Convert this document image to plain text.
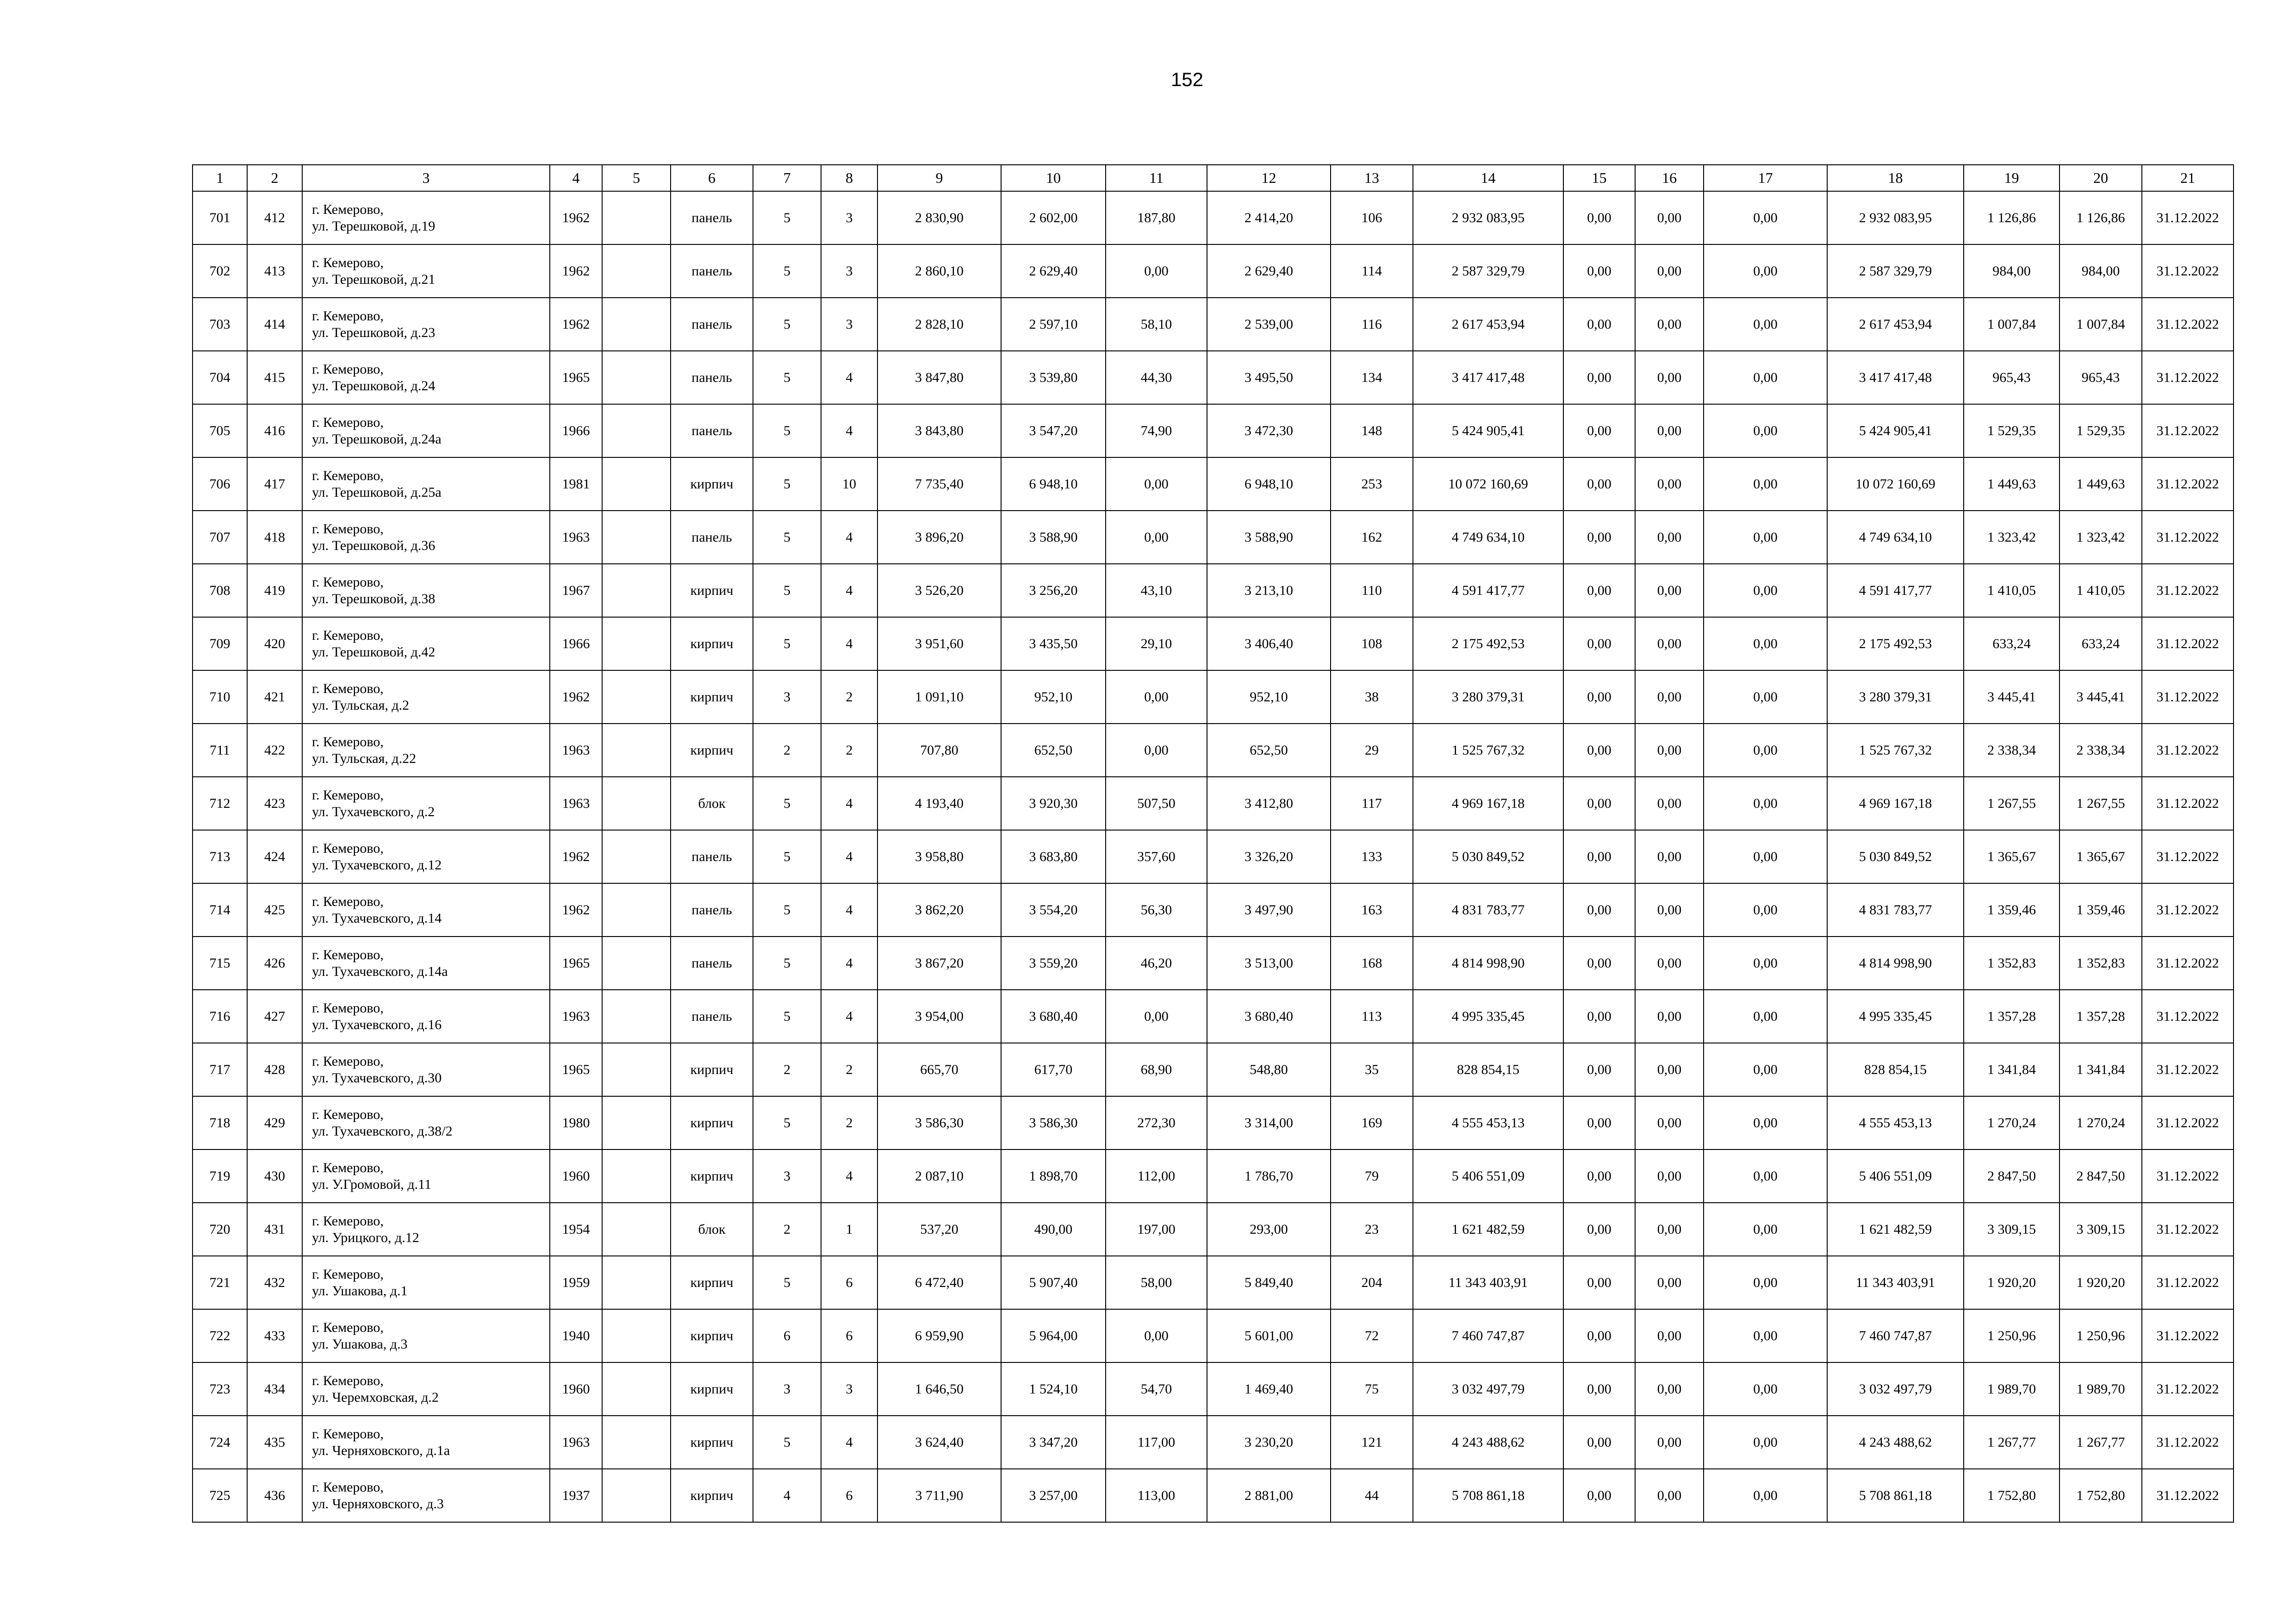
152
1	2	3	4	5	6	7	8	9	10	11	12	13	14	15	16	17	18	19	20	21
701	412	г. Кемерово,
ул. Терешковой, д.19	1962		панель	5	3	2 830,90	2 602,00	187,80	2 414,20	106	2 932 083,95	0,00	0,00	0,00	2 932 083,95	1 126,86	1 126,86	31.12.2022
702	413	г. Кемерово,
ул. Терешковой, д.21	1962		панель	5	3	2 860,10	2 629,40	0,00	2 629,40	114	2 587 329,79	0,00	0,00	0,00	2 587 329,79	984,00	984,00	31.12.2022
703	414	г. Кемерово,
ул. Терешковой, д.23	1962		панель	5	3	2 828,10	2 597,10	58,10	2 539,00	116	2 617 453,94	0,00	0,00	0,00	2 617 453,94	1 007,84	1 007,84	31.12.2022
704	415	г. Кемерово,
ул. Терешковой, д.24	1965		панель	5	4	3 847,80	3 539,80	44,30	3 495,50	134	3 417 417,48	0,00	0,00	0,00	3 417 417,48	965,43	965,43	31.12.2022
705	416	г. Кемерово,
ул. Терешковой, д.24а	1966		панель	5	4	3 843,80	3 547,20	74,90	3 472,30	148	5 424 905,41	0,00	0,00	0,00	5 424 905,41	1 529,35	1 529,35	31.12.2022
706	417	г. Кемерово,
ул. Терешковой, д.25а	1981		кирпич	5	10	7 735,40	6 948,10	0,00	6 948,10	253	10 072 160,69	0,00	0,00	0,00	10 072 160,69	1 449,63	1 449,63	31.12.2022
707	418	г. Кемерово,
ул. Терешковой, д.36	1963		панель	5	4	3 896,20	3 588,90	0,00	3 588,90	162	4 749 634,10	0,00	0,00	0,00	4 749 634,10	1 323,42	1 323,42	31.12.2022
708	419	г. Кемерово,
ул. Терешковой, д.38	1967		кирпич	5	4	3 526,20	3 256,20	43,10	3 213,10	110	4 591 417,77	0,00	0,00	0,00	4 591 417,77	1 410,05	1 410,05	31.12.2022
709	420	г. Кемерово,
ул. Терешковой, д.42	1966		кирпич	5	4	3 951,60	3 435,50	29,10	3 406,40	108	2 175 492,53	0,00	0,00	0,00	2 175 492,53	633,24	633,24	31.12.2022
710	421	г. Кемерово,
ул. Тульская, д.2	1962		кирпич	3	2	1 091,10	952,10	0,00	952,10	38	3 280 379,31	0,00	0,00	0,00	3 280 379,31	3 445,41	3 445,41	31.12.2022
711	422	г. Кемерово,
ул. Тульская, д.22	1963		кирпич	2	2	707,80	652,50	0,00	652,50	29	1 525 767,32	0,00	0,00	0,00	1 525 767,32	2 338,34	2 338,34	31.12.2022
712	423	г. Кемерово,
ул. Тухачевского, д.2	1963		блок	5	4	4 193,40	3 920,30	507,50	3 412,80	117	4 969 167,18	0,00	0,00	0,00	4 969 167,18	1 267,55	1 267,55	31.12.2022
713	424	г. Кемерово,
ул. Тухачевского, д.12	1962		панель	5	4	3 958,80	3 683,80	357,60	3 326,20	133	5 030 849,52	0,00	0,00	0,00	5 030 849,52	1 365,67	1 365,67	31.12.2022
714	425	г. Кемерово,
ул. Тухачевского, д.14	1962		панель	5	4	3 862,20	3 554,20	56,30	3 497,90	163	4 831 783,77	0,00	0,00	0,00	4 831 783,77	1 359,46	1 359,46	31.12.2022
715	426	г. Кемерово,
ул. Тухачевского, д.14а	1965		панель	5	4	3 867,20	3 559,20	46,20	3 513,00	168	4 814 998,90	0,00	0,00	0,00	4 814 998,90	1 352,83	1 352,83	31.12.2022
716	427	г. Кемерово,
ул. Тухачевского, д.16	1963		панель	5	4	3 954,00	3 680,40	0,00	3 680,40	113	4 995 335,45	0,00	0,00	0,00	4 995 335,45	1 357,28	1 357,28	31.12.2022
717	428	г. Кемерово,
ул. Тухачевского, д.30	1965		кирпич	2	2	665,70	617,70	68,90	548,80	35	828 854,15	0,00	0,00	0,00	828 854,15	1 341,84	1 341,84	31.12.2022
718	429	г. Кемерово,
ул. Тухачевского, д.38/2	1980		кирпич	5	2	3 586,30	3 586,30	272,30	3 314,00	169	4 555 453,13	0,00	0,00	0,00	4 555 453,13	1 270,24	1 270,24	31.12.2022
719	430	г. Кемерово,
ул. У.Громовой, д.11	1960		кирпич	3	4	2 087,10	1 898,70	112,00	1 786,70	79	5 406 551,09	0,00	0,00	0,00	5 406 551,09	2 847,50	2 847,50	31.12.2022
720	431	г. Кемерово,
ул. Урицкого, д.12	1954		блок	2	1	537,20	490,00	197,00	293,00	23	1 621 482,59	0,00	0,00	0,00	1 621 482,59	3 309,15	3 309,15	31.12.2022
721	432	г. Кемерово,
ул. Ушакова, д.1	1959		кирпич	5	6	6 472,40	5 907,40	58,00	5 849,40	204	11 343 403,91	0,00	0,00	0,00	11 343 403,91	1 920,20	1 920,20	31.12.2022
722	433	г. Кемерово,
ул. Ушакова, д.3	1940		кирпич	6	6	6 959,90	5 964,00	0,00	5 601,00	72	7 460 747,87	0,00	0,00	0,00	7 460 747,87	1 250,96	1 250,96	31.12.2022
723	434	г. Кемерово,
ул. Черемховская, д.2	1960		кирпич	3	3	1 646,50	1 524,10	54,70	1 469,40	75	3 032 497,79	0,00	0,00	0,00	3 032 497,79	1 989,70	1 989,70	31.12.2022
724	435	г. Кемерово,
ул. Черняховского, д.1а	1963		кирпич	5	4	3 624,40	3 347,20	117,00	3 230,20	121	4 243 488,62	0,00	0,00	0,00	4 243 488,62	1 267,77	1 267,77	31.12.2022
725	436	г. Кемерово,
ул. Черняховского, д.3	1937		кирпич	4	6	3 711,90	3 257,00	113,00	2 881,00	44	5 708 861,18	0,00	0,00	0,00	5 708 861,18	1 752,80	1 752,80	31.12.2022
